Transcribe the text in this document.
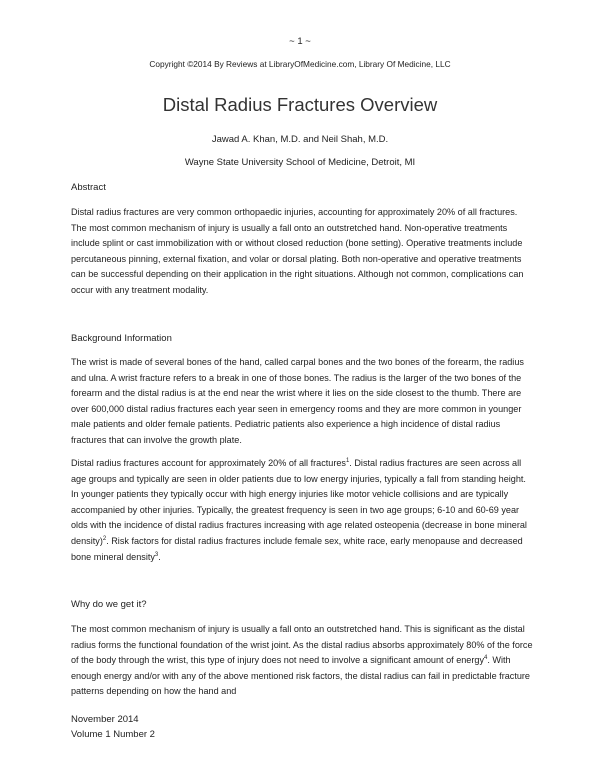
~ 1 ~
Copyright ©2014 By Reviews at LibraryOfMedicine.com, Library Of Medicine, LLC
Distal Radius Fractures Overview
Jawad A. Khan, M.D. and Neil Shah, M.D.
Wayne State University School of Medicine, Detroit, MI
Abstract

Distal radius fractures are very common orthopaedic injuries, accounting for approximately 20% of all fractures. The most common mechanism of injury is usually a fall onto an outstretched hand. Non-operative treatments include splint or cast immobilization with or without closed reduction (bone setting). Operative treatments include percutaneous pinning, external fixation, and volar or dorsal plating. Both non-operative and operative treatments can be successful depending on their application in the right situations. Although not common, complications can occur with any treatment modality.

Background Information

The wrist is made of several bones of the hand, called carpal bones and the two bones of the forearm, the radius and ulna. A wrist fracture refers to a break in one of those bones. The radius is the larger of the two bones of the forearm and the distal radius is at the end near the wrist where it lies on the side closest to the thumb. There are over 600,000 distal radius fractures each year seen in emergency rooms and they are more common in younger male patients and older female patients. Pediatric patients also experience a high incidence of distal radius fractures that can involve the growth plate.

Distal radius fractures account for approximately 20% of all fractures$^1$. Distal radius fractures are seen across all age groups and typically are seen in older patients due to low energy injuries, typically a fall from standing height. In younger patients they typically occur with high energy injuries like motor vehicle collisions and are typically accompanied by other injuries. Typically, the greatest frequency is seen in two age groups; 6-10 and 60-69 year olds with the incidence of distal radius fractures increasing with age related osteopenia (decrease in bone mineral density)$^2$. Risk factors for distal radius fractures include female sex, white race, early menopause and decreased bone mineral density$^3$.

Why do we get it?

The most common mechanism of injury is usually a fall onto an outstretched hand. This is significant as the distal radius forms the functional foundation of the wrist joint. As the distal radius absorbs approximately 80% of the force of the body through the wrist, this type of injury does not need to involve a significant amount of energy$^4$. With enough energy and/or with any of the above mentioned risk factors, the distal radius can fail in predictable fracture patterns depending on how the hand and

November 2014
Volume 1 Number 2
